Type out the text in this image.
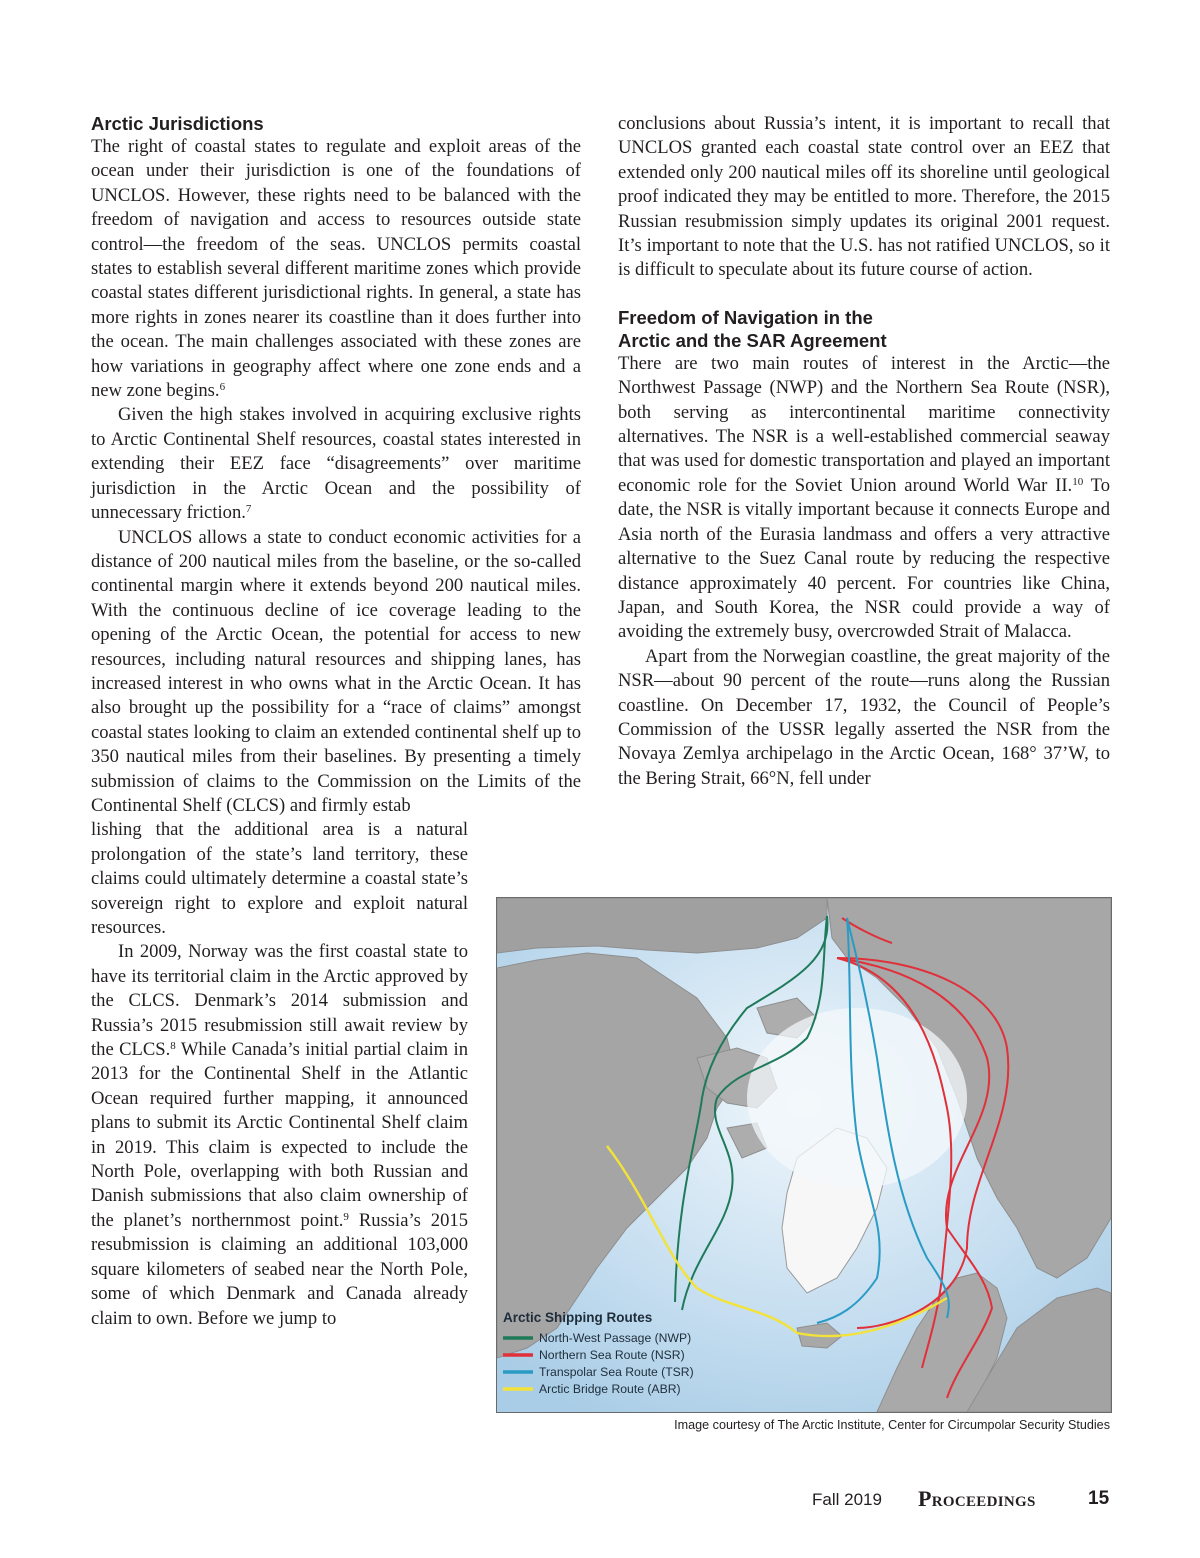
Arctic Jurisdictions

The right of coastal states to regulate and exploit areas of the ocean under their jurisdiction is one of the foundations of UNCLOS. However, these rights need to be balanced with the freedom of navigation and access to resources outside state control—the freedom of the seas. UNCLOS permits coastal states to establish several different maritime zones which provide coastal states different jurisdictional rights. In general, a state has more rights in zones nearer its coastline than it does further into the ocean. The main challenges associated with these zones are how variations in geography affect where one zone ends and a new zone begins.$^6$

Given the high stakes involved in acquiring exclusive rights to Arctic Continental Shelf resources, coastal states interested in extending their EEZ face “disagreements” over maritime jurisdiction in the Arctic Ocean and the possibility of unnecessary friction.$^7$

UNCLOS allows a state to conduct economic activities for a distance of 200 nautical miles from the baseline, or the so-called continental margin where it extends beyond 200 nautical miles. With the continuous decline of ice coverage leading to the opening of the Arctic Ocean, the potential for access to new resources, including natural resources and shipping lanes, has increased interest in who owns what in the Arctic Ocean. It has also brought up the possibility for a “race of claims” amongst coastal states looking to claim an extended continental shelf up to 350 nautical miles from their baselines. By presenting a timely submission of claims to the Commission on the Limits of the Continental Shelf (CLCS) and firmly estab

lishing that the additional area is a natural prolongation of the state’s land territory, these claims could ultimately determine a coastal state’s sovereign right to explore and exploit natural resources.

In 2009, Norway was the first coastal state to have its territorial claim in the Arctic approved by the CLCS. Denmark’s 2014 submission and Russia’s 2015 resubmission still await review by the CLCS.$^8$ While Canada’s initial partial claim in 2013 for the Continental Shelf in the Atlantic Ocean required further mapping, it announced plans to submit its Arctic Continental Shelf claim in 2019. This claim is expected to include the North Pole, overlapping with both Russian and Danish submissions that also claim ownership of the planet’s northernmost point.$^9$ Russia’s 2015 resubmission is claiming an additional 103,000 square kilometers of seabed near the North Pole, some of which Denmark and Canada already claim to own. Before we jump to

conclusions about Russia’s intent, it is important to recall that UNCLOS granted each coastal state control over an EEZ that extended only 200 nautical miles off its shoreline until geological proof indicated they may be entitled to more. Therefore, the 2015 Russian resubmission simply updates its original 2001 request. It’s important to note that the U.S. has not ratified UNCLOS, so it is difficult to speculate about its future course of action.

Freedom of Navigation in the
Arctic and the SAR Agreement

There are two main routes of interest in the Arctic—the Northwest Passage (NWP) and the Northern Sea Route (NSR), both serving as intercontinental maritime connectivity alternatives. The NSR is a well-established commercial seaway that was used for domestic transportation and played an important economic role for the Soviet Union around World War II.$^{10}$ To date, the NSR is vitally important because it connects Europe and Asia north of the Eurasia landmass and offers a very attractive alternative to the Suez Canal route by reducing the respective distance approximately 40 percent. For countries like China, Japan, and South Korea, the NSR could provide a way of avoiding the extremely busy, overcrowded Strait of Malacca.

Apart from the Norwegian coastline, the great majority of the NSR—about 90 percent of the route—runs along the Russian coastline. On December 17, 1932, the Council of People’s Commission of the USSR legally asserted the NSR from the Novaya Zemlya archipelago in the Arctic Ocean, 168° 37’W, to the Bering Strait, 66°N, fell under

Arctic Shipping Routes
North-West Passage (NWP)
Northern Sea Route (NSR)
Transpolar Sea Route (TSR)
Arctic Bridge Route (ABR)
Image courtesy of The Arctic Institute, Center for Circumpolar Security Studies
Fall 2019 Proceedings	15
